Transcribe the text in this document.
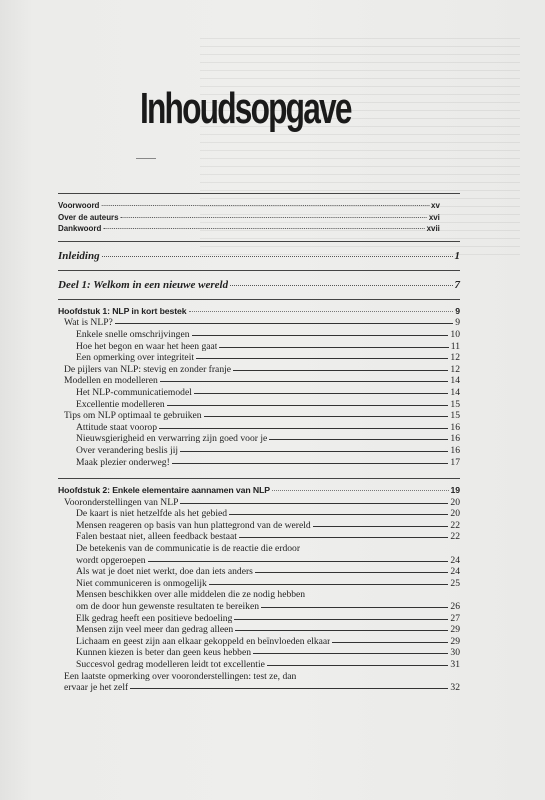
Inhoudsopgave
Voorwoord	xv
Over de auteurs	xvi
Dankwoord	xvii
Inleiding	1
Deel 1: Welkom in een nieuwe wereld	7
Hoofdstuk 1: NLP in kort bestek	9
Wat is NLP?	9
Enkele snelle omschrijvingen	10
Hoe het begon en waar het heen gaat	11
Een opmerking over integriteit	12
De pijlers van NLP: stevig en zonder franje	12
Modellen en modelleren	14
Het NLP-communicatiemodel	14
Excellentie modelleren	15
Tips om NLP optimaal te gebruiken	15
Attitude staat voorop	16
Nieuwsgierigheid en verwarring zijn goed voor je	16
Over verandering beslis jij	16
Maak plezier onderweg!	17
Hoofdstuk 2: Enkele elementaire aannamen van NLP	19
Vooronderstellingen van NLP	20
De kaart is niet hetzelfde als het gebied	20
Mensen reageren op basis van hun plattegrond van de wereld	22
Falen bestaat niet, alleen feedback bestaat	22
De betekenis van de communicatie is de reactie die erdoor
wordt opgeroepen	24
Als wat je doet niet werkt, doe dan iets anders	24
Niet communiceren is onmogelijk	25
Mensen beschikken over alle middelen die ze nodig hebben
om de door hun gewenste resultaten te bereiken	26
Elk gedrag heeft een positieve bedoeling	27
Mensen zijn veel meer dan gedrag alleen	29
Lichaam en geest zijn aan elkaar gekoppeld en beïnvloeden elkaar	29
Kunnen kiezen is beter dan geen keus hebben	30
Succesvol gedrag modelleren leidt tot excellentie	31
Een laatste opmerking over vooronderstellingen: test ze, dan
ervaar je het zelf	32
